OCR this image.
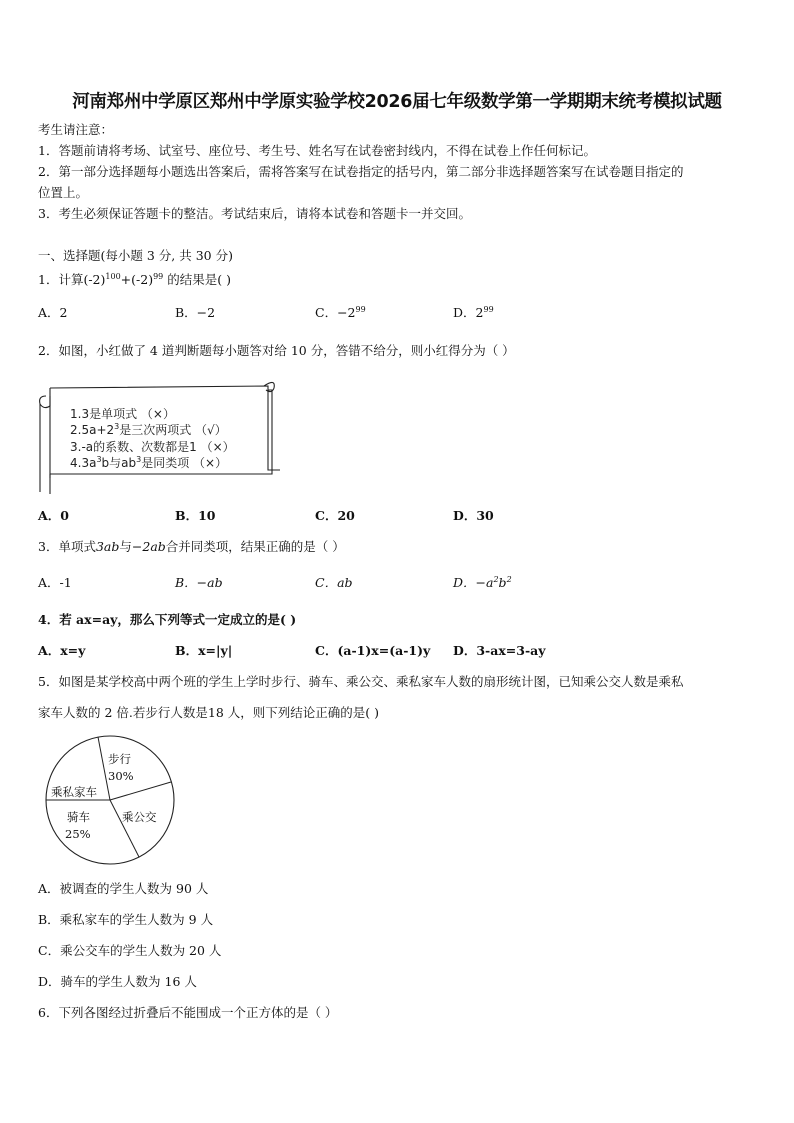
河南郑州中学原区郑州中学原实验学校2026届七年级数学第一学期期末统考模拟试题
考生请注意：
1．答题前请将考场、试室号、座位号、考生号、姓名写在试卷密封线内，不得在试卷上作任何标记。
2．第一部分选择题每小题选出答案后，需将答案写在试卷指定的括号内，第二部分非选择题答案写在试卷题目指定的
位置上。
3．考生必须保证答题卡的整洁。考试结束后，请将本试卷和答题卡一并交回。
一、选择题(每小题 3 分, 共 30 分)
1．计算$(-2)^{100}+(-2)^{99}$ 的结果是( )
A．2	B．−2	C．$-2^{99}$	D．$2^{99}$
2．如图，小红做了 4 道判断题每小题答对给 10 分，答错不给分，则小红得分为（ ）
1.3是单项式 （×）
$2.5a+2^3$是三次两项式 （√）
3.-a的系数、次数都是1 （×）
$4.3a^3b$与$ab^3$是同类项 （×）
A．0	B．10	C．20	D．30
3．单项式3ab与−2ab合并同类项，结果正确的是（ ）
A．-1	B．−ab	C．ab	D．$-a^2b^2$
4．若 ax=ay，那么下列等式一定成立的是( )
A．x=y	B．x=|y|	C．(a-1)x=(a-1)y D．3-ax=3-ay
5．如图是某学校高中两个班的学生上学时步行、骑车、乘公交、乘私家车人数的扇形统计图，已知乘公交人数是乘私
家车人数的 2 倍.若步行人数是18 人，则下列结论正确的是( )
步行
30%
乘私家车
骑车
25%
乘公交
A．被调查的学生人数为 90 人
B．乘私家车的学生人数为 9 人
C．乘公交车的学生人数为 20 人
D．骑车的学生人数为 16 人
6．下列各图经过折叠后不能围成一个正方体的是（ ）
